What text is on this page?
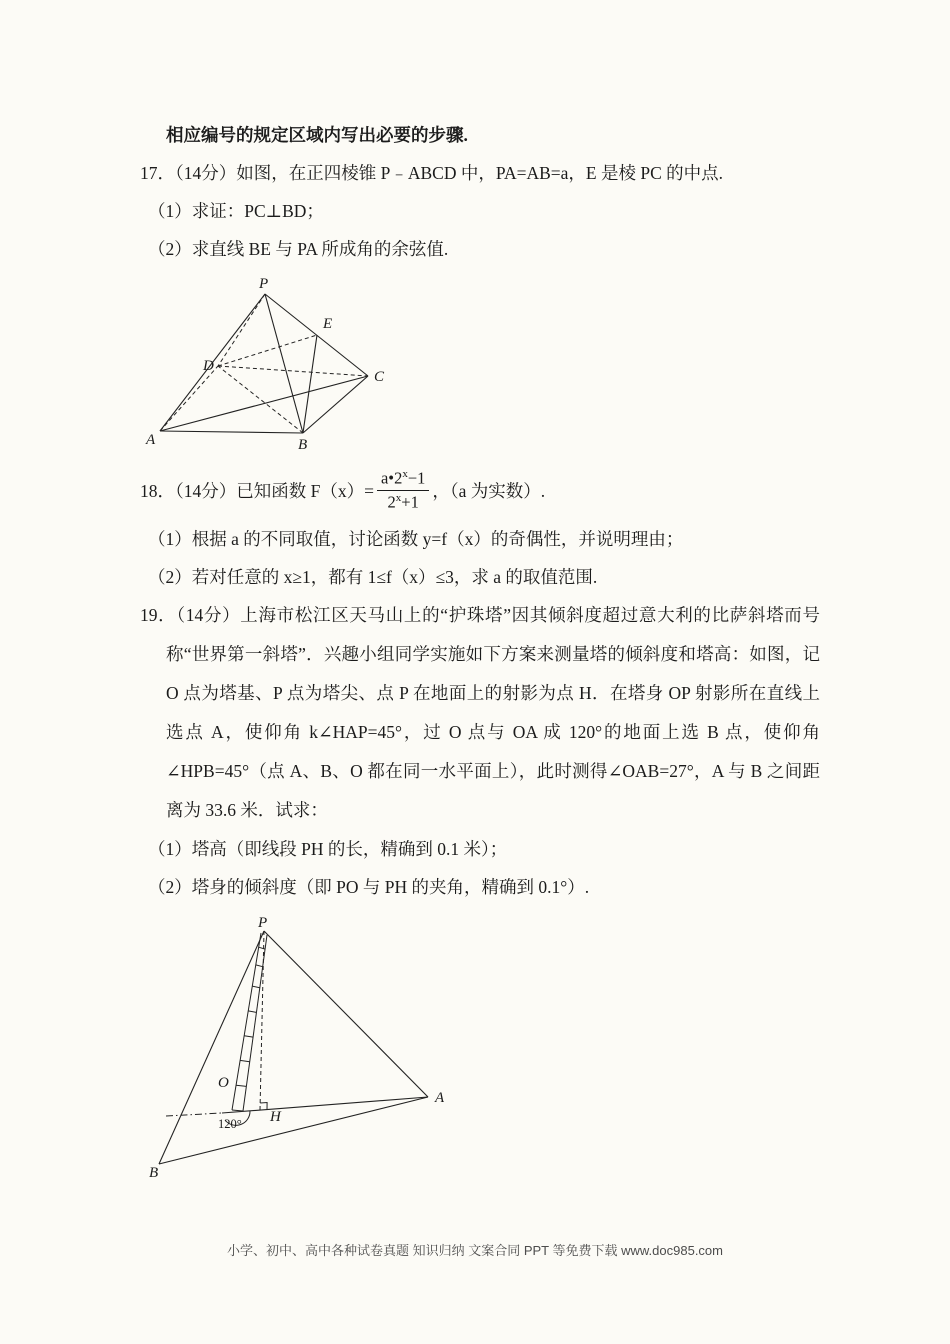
相应编号的规定区域内写出必要的步骤.
17．（14分）如图，在正四棱锥 P﹣ABCD 中，PA=AB=a，E 是棱 PC 的中点.
（1）求证：PC⊥BD；
（2）求直线 BE 与 PA 所成角的余弦值.
P
E
D
C
A	B
18．（14分）已知函数 $F(x)= \frac{a•2^x-1}{2^x+1}$ ，（a 为实数）.
（1）根据 a 的不同取值，讨论函数 y=f（x）的奇偶性，并说明理由；
（2）若对任意的 x≥1，都有 1≤f（x）≤3，求 a 的取值范围.
19．（14分）上海市松江区天马山上的“护珠塔”因其倾斜度超过意大利的比萨斜塔而号称“世界第一斜塔”．兴趣小组同学实施如下方案来测量塔的倾斜度和塔高：如图，记 O 点为塔基、P 点为塔尖、点 P 在地面上的射影为点 H．在塔身 OP 射影所在直线上选点 A，使仰角 k∠HAP=45°，过 O 点与 OA 成 120°的地面上选 B 点，使仰角∠HPB=45°（点 A、B、O 都在同一水平面上），此时测得∠OAB=27°，A 与 B 之间距离为 33.6 米．试求：
（1）塔高（即线段 PH 的长，精确到 0.1 米）；
（2）塔身的倾斜度（即 PO 与 PH 的夹角，精确到 0.1°）.
P
O
H
A
B
120°
小学、初中、高中各种试卷真题 知识归纳 文案合同 PPT 等免费下载 www.doc985.com
